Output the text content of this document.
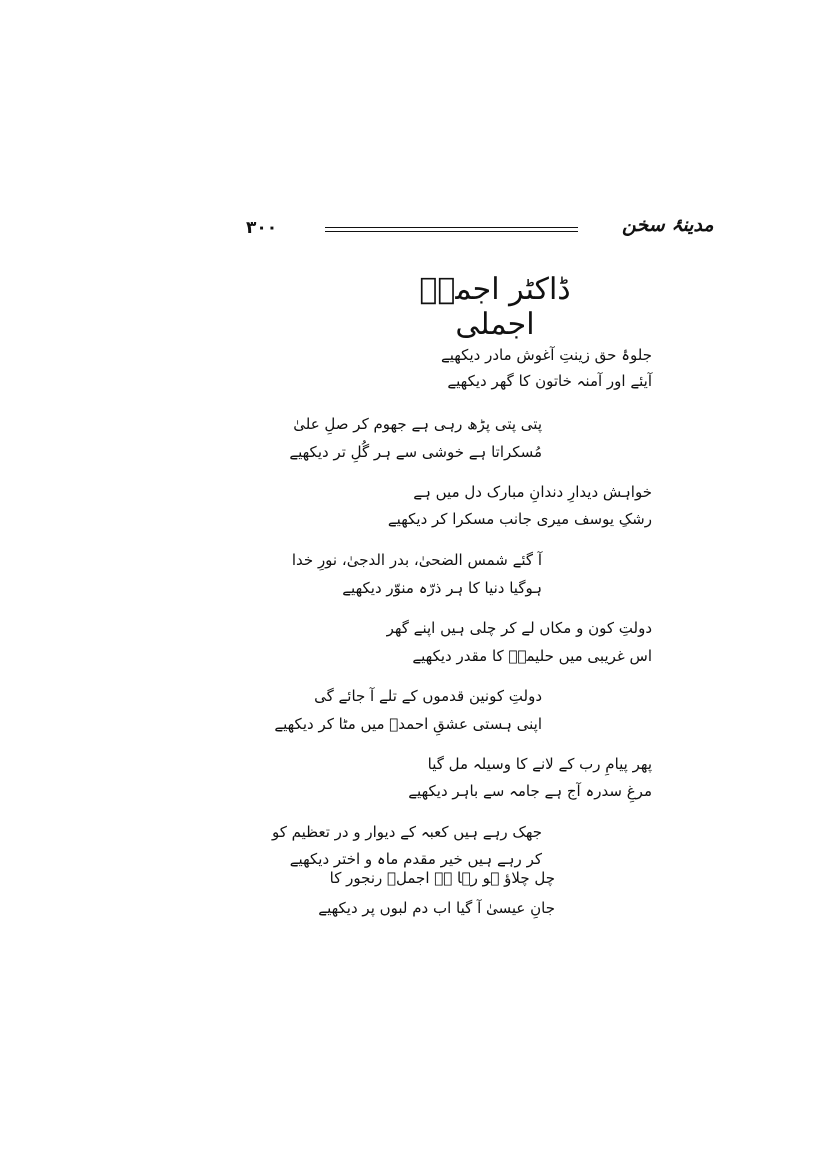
۳۰۰	مدینۂ سخن
ڈاکٹر اجملؔ اجملی
جلوۂ حق زینتِ آغوش مادر دیکھیے
آیئے اور آمنہ خاتون کا گھر دیکھیے
پتی پتی پڑھ رہی ہے جھوم کر صلِ علیٰ
مُسکراتا ہے خوشی سے ہر گُلِ تر دیکھیے
خواہش دیدارِ دندانِ مبارک دل میں ہے
رشکِ یوسف میری جانب مسکرا کر دیکھیے
آ گئے شمس الضحیٰ، بدر الدجیٰ، نورِ خدا
ہوگیا دنیا کا ہر ذرّہ منوّر دیکھیے
دولتِ کون و مکاں لے کر چلی ہیں اپنے گھر
اس غریبی میں حلیمہؓ کا مقدر دیکھیے
دولتِ کونین قدموں کے تلے آ جائے گی
اپنی ہستی عشقِ احمدؐ میں مٹا کر دیکھیے
پھر پیامِ رب کے لانے کا وسیلہ مل گیا
مرغِ سدرہ آج ہے جامہ سے باہر دیکھیے
جھک رہے ہیں کعبہ کے دیوار و در تعظیم کو
کر رہے ہیں خیر مقدم ماہ و اختر دیکھیے
چل چلاؤ ہو رہا ہے اجملؔ رنجور کا
جانِ عیسیٰ آ گیا اب دم لبوں پر دیکھیے
